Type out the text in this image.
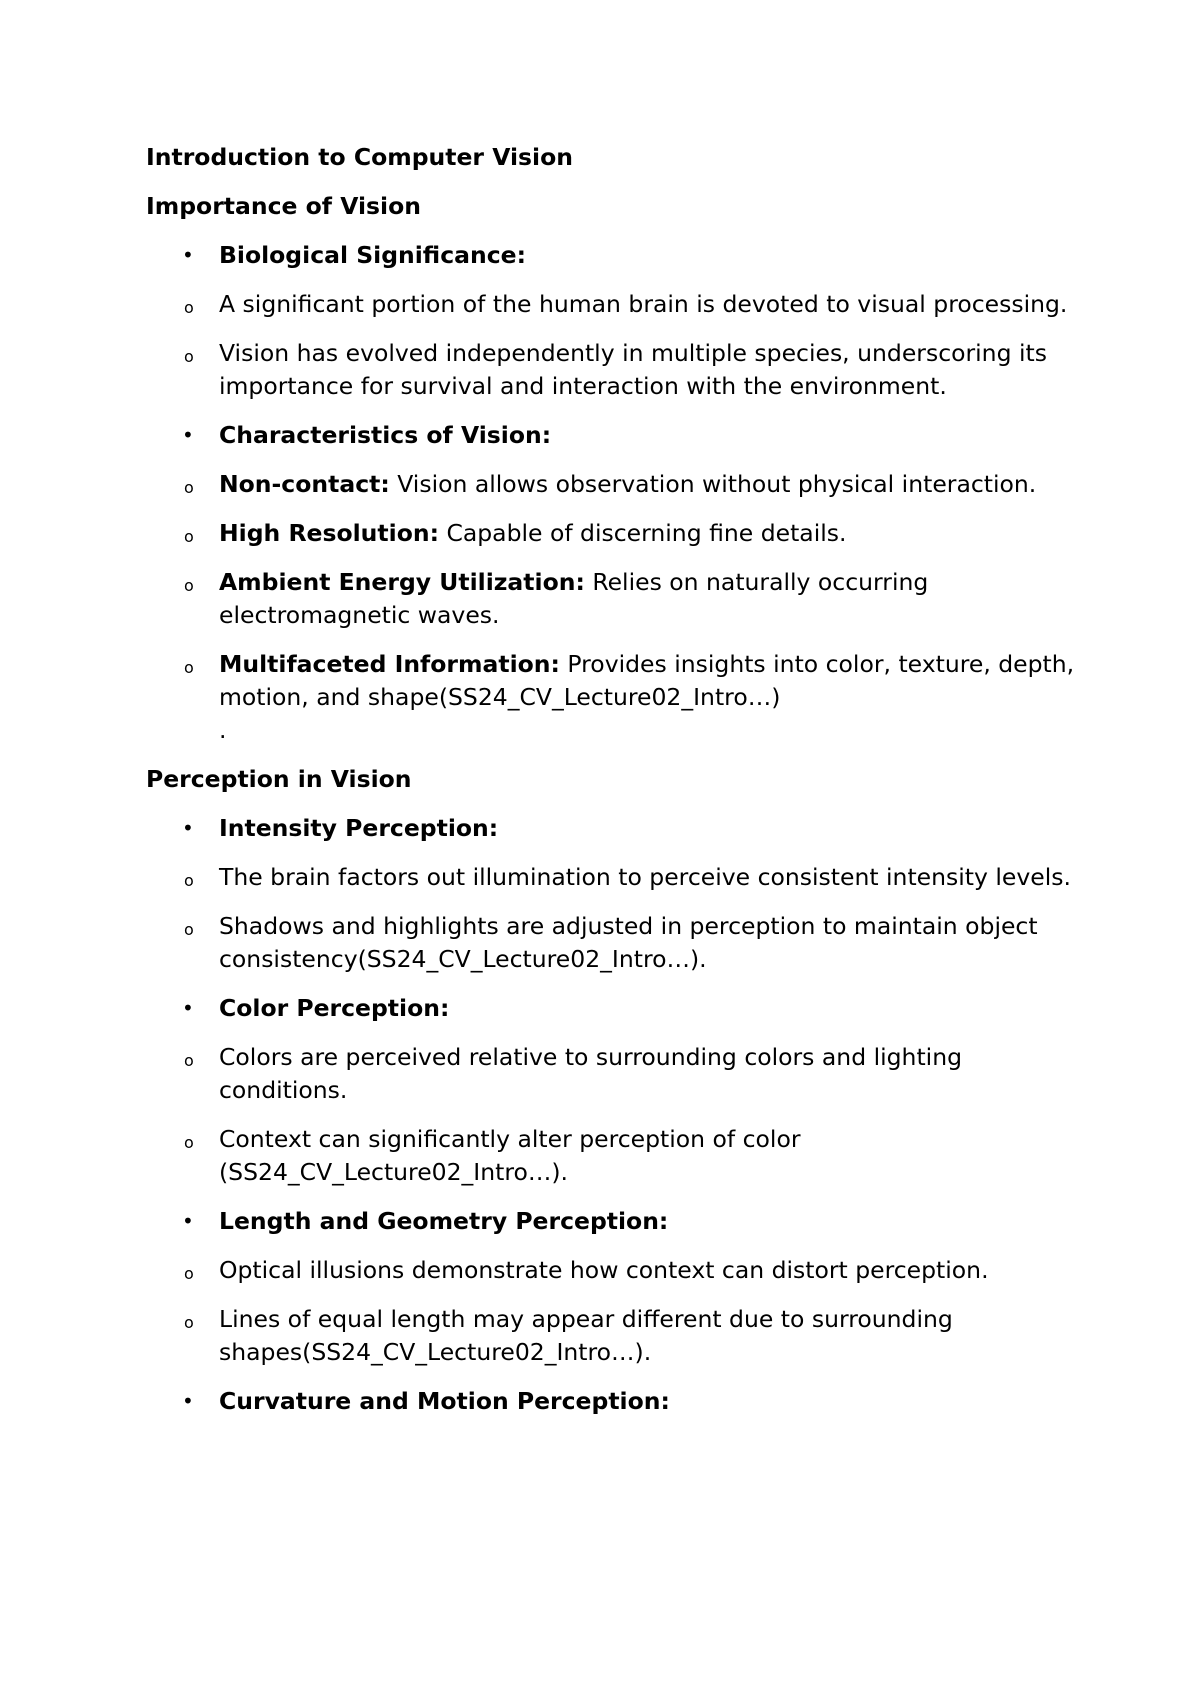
Introduction to Computer Vision
Importance of Vision
• Biological Significance:
o A significant portion of the human brain is devoted to visual processing.
o Vision has evolved independently in multiple species, underscoring its importance for survival and interaction with the environment.
• Characteristics of Vision:
o Non-contact: Vision allows observation without physical interaction.
o High Resolution: Capable of discerning fine details.
o Ambient Energy Utilization: Relies on naturally occurring electromagnetic waves.
o Multifaceted Information: Provides insights into color, texture, depth, motion, and shape(SS24_CV_Lecture02_Intro…)
.
Perception in Vision
• Intensity Perception:
o The brain factors out illumination to perceive consistent intensity levels.
o Shadows and highlights are adjusted in perception to maintain object consistency(SS24_CV_Lecture02_Intro…).
• Color Perception:
o Colors are perceived relative to surrounding colors and lighting conditions.
o Context can significantly alter perception of color (SS24_CV_Lecture02_Intro…).
• Length and Geometry Perception:
o Optical illusions demonstrate how context can distort perception.
o Lines of equal length may appear different due to surrounding shapes(SS24_CV_Lecture02_Intro…).
• Curvature and Motion Perception:
